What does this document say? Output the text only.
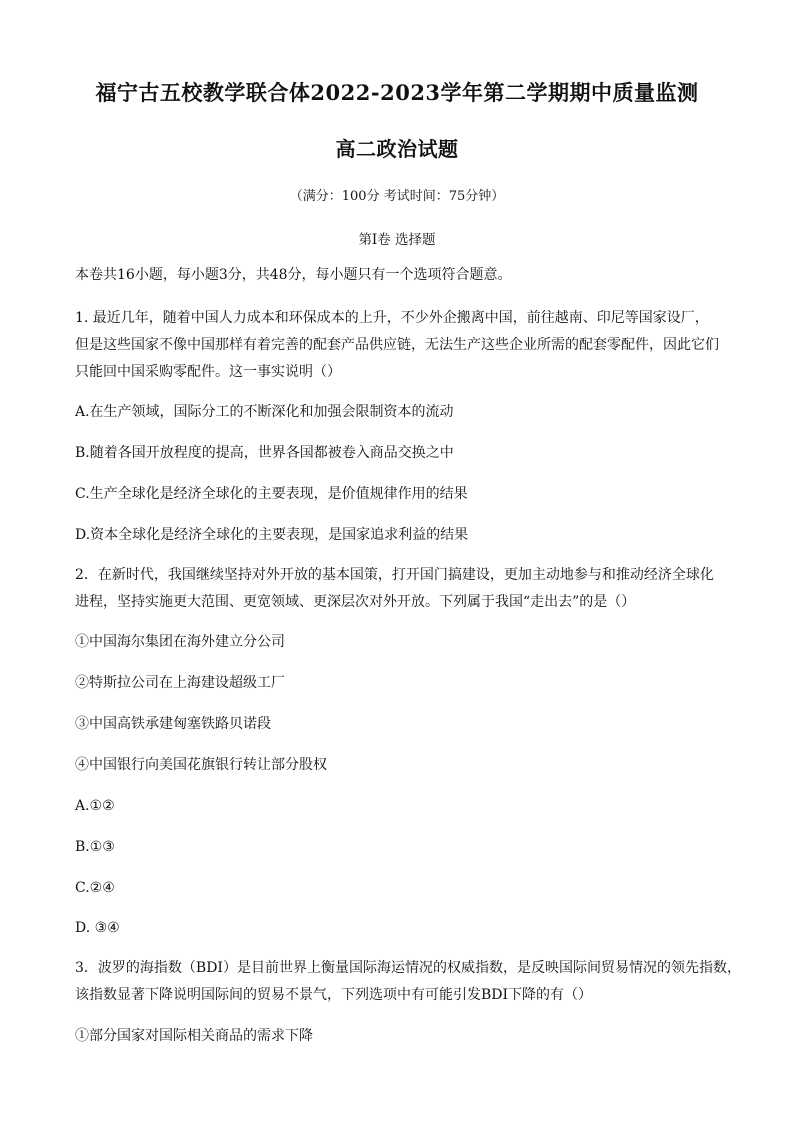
福宁古五校教学联合体2022-2023学年第二学期期中质量监测
高二政治试题
（满分：100分 考试时间：75分钟）
第Ⅰ卷 选择题
本卷共16小题，每小题3分，共48分，每小题只有一个选项符合题意。
1. 最近几年，随着中国人力成本和环保成本的上升，不少外企搬离中国，前往越南、印尼等国家设厂，
但是这些国家不像中国那样有着完善的配套产品供应链，无法生产这些企业所需的配套零配件，因此它们
只能回中国采购零配件。这一事实说明（）
A.在生产领域，国际分工的不断深化和加强会限制资本的流动
B.随着各国开放程度的提高，世界各国都被卷入商品交换之中
C.生产全球化是经济全球化的主要表现，是价值规律作用的结果
D.资本全球化是经济全球化的主要表现，是国家追求利益的结果
2．在新时代，我国继续坚持对外开放的基本国策，打开国门搞建设，更加主动地参与和推动经济全球化
进程，坚持实施更大范围、更宽领域、更深层次对外开放。下列属于我国“走出去”的是（）
①中国海尔集团在海外建立分公司
②特斯拉公司在上海建设超级工厂
③中国高铁承建匈塞铁路贝诺段
④中国银行向美国花旗银行转让部分股权
A.①②
B.①③
C.②④
D. ③④
3．波罗的海指数（BDI）是目前世界上衡量国际海运情况的权威指数，是反映国际间贸易情况的领先指数，
该指数显著下降说明国际间的贸易不景气，下列选项中有可能引发BDI下降的有（）
①部分国家对国际相关商品的需求下降
